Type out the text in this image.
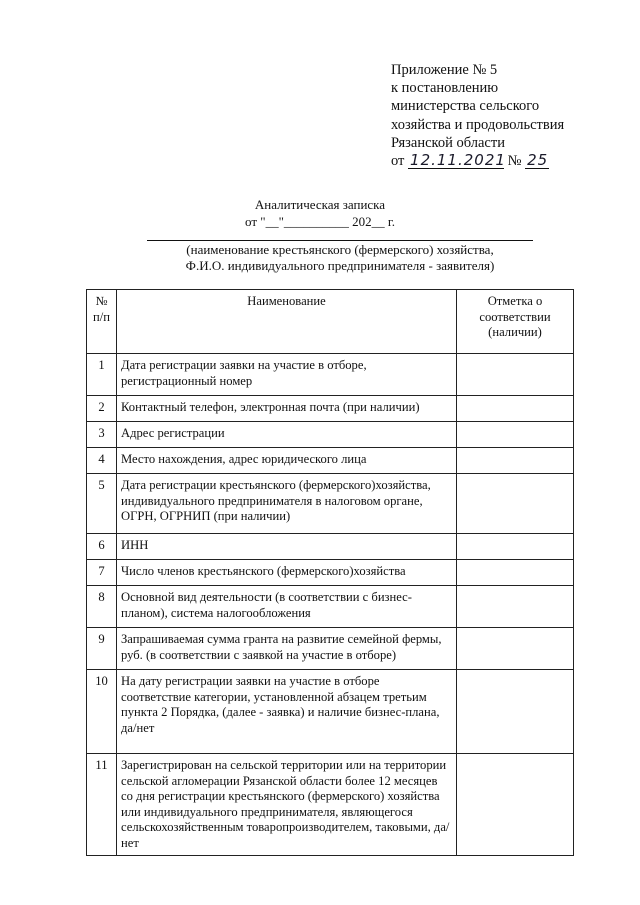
Приложение № 5
к постановлению
министерства сельского
хозяйства и продовольствия
Рязанской области
от 12.11.2021 № 25
Аналитическая записка
от "__"__________ 202__ г.
(наименование крестьянского (фермерского) хозяйства,
Ф.И.О. индивидуального предпринимателя - заявителя)
№ п/п	Наименование	Отметка о соответствии (наличии)
1	Дата регистрации заявки на участие в отборе, регистрационный номер	
2	Контактный телефон, электронная почта (при наличии)	
3	Адрес регистрации	
4	Место нахождения, адрес юридического лица	
5	Дата регистрации крестьянского (фермерского)хозяйства, индивидуального предпринимателя в налоговом органе, ОГРН, ОГРНИП (при наличии)	
6	ИНН	
7	Число членов крестьянского (фермерского)хозяйства	
8	Основной вид деятельности (в соответствии с бизнес-планом), система налогообложения	
9	Запрашиваемая сумма гранта на развитие семейной фермы, руб. (в соответствии с заявкой на участие в отборе)	
10	На дату регистрации заявки на участие в отборе соответствие категории, установленной абзацем третьим пункта 2 Порядка, (далее - заявка) и наличие бизнес-плана, да/нет	
11	Зарегистрирован на сельской территории или на территории сельской агломерации Рязанской области более 12 месяцев со дня регистрации крестьянского (фермерского) хозяйства или индивидуального предпринимателя, являющегося сельскохозяйственным товаропроизводителем, таковыми, да/нет	
